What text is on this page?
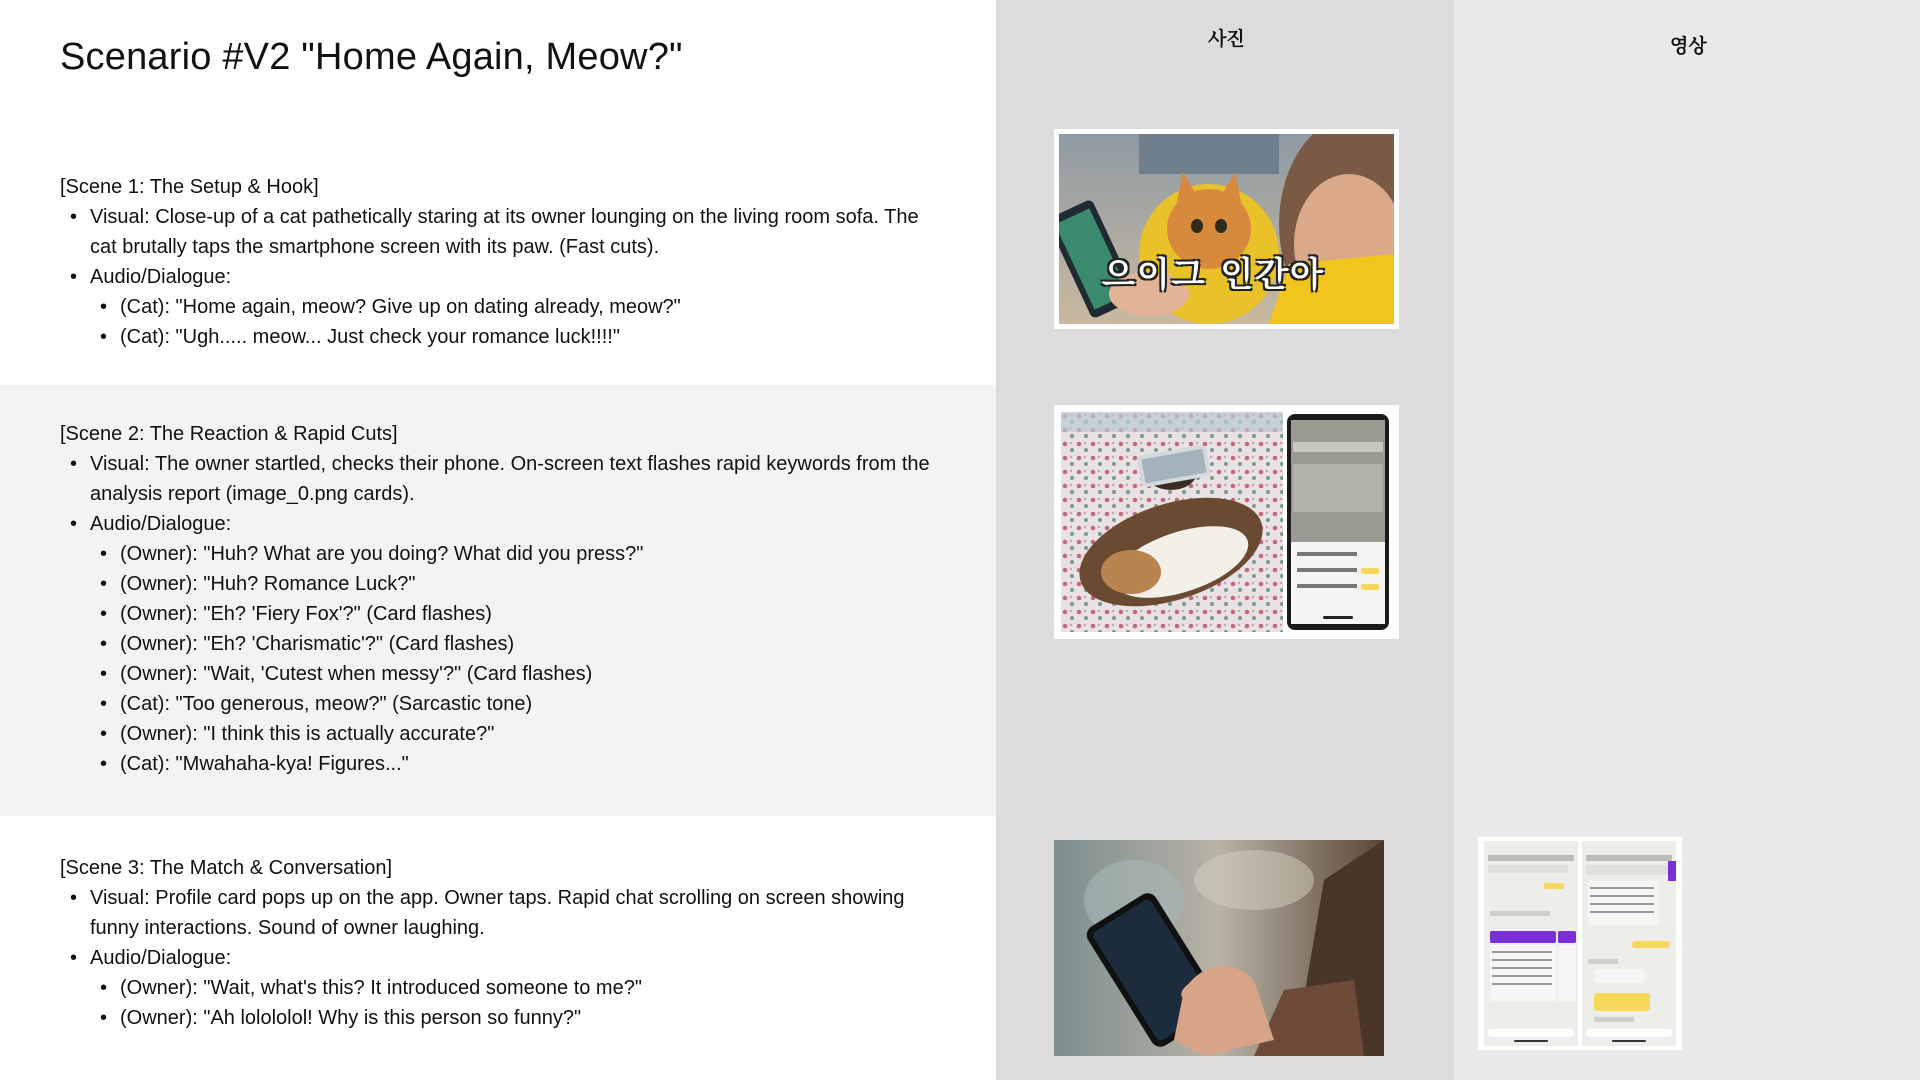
사진	영상
Scenario #V2 "Home Again, Meow?"
[Scene 1: The Setup & Hook]
• Visual: Close-up of a cat pathetically staring at its owner lounging on the living room sofa. The cat brutally taps the smartphone screen with its paw. (Fast cuts).
• Audio/Dialogue:
• (Cat): "Home again, meow? Give up on dating already, meow?"
• (Cat): "Ugh..... meow... Just check your romance luck!!!!"
[Scene 2: The Reaction & Rapid Cuts]
• Visual: The owner startled, checks their phone. On-screen text flashes rapid keywords from the analysis report (image_0.png cards).
• Audio/Dialogue:
• (Owner): "Huh? What are you doing? What did you press?"
• (Owner): "Huh? Romance Luck?"
• (Owner): "Eh? 'Fiery Fox'?" (Card flashes)
• (Owner): "Eh? 'Charismatic'?" (Card flashes)
• (Owner): "Wait, 'Cutest when messy'?" (Card flashes)
• (Cat): "Too generous, meow?" (Sarcastic tone)
• (Owner): "I think this is actually accurate?"
• (Cat): "Mwahaha-kya! Figures..."
[Scene 3: The Match & Conversation]
• Visual: Profile card pops up on the app. Owner taps. Rapid chat scrolling on screen showing funny interactions. Sound of owner laughing.
• Audio/Dialogue:
• (Owner): "Wait, what's this? It introduced someone to me?"
• (Owner): "Ah lolololol! Why is this person so funny?"
으이그 인간아
